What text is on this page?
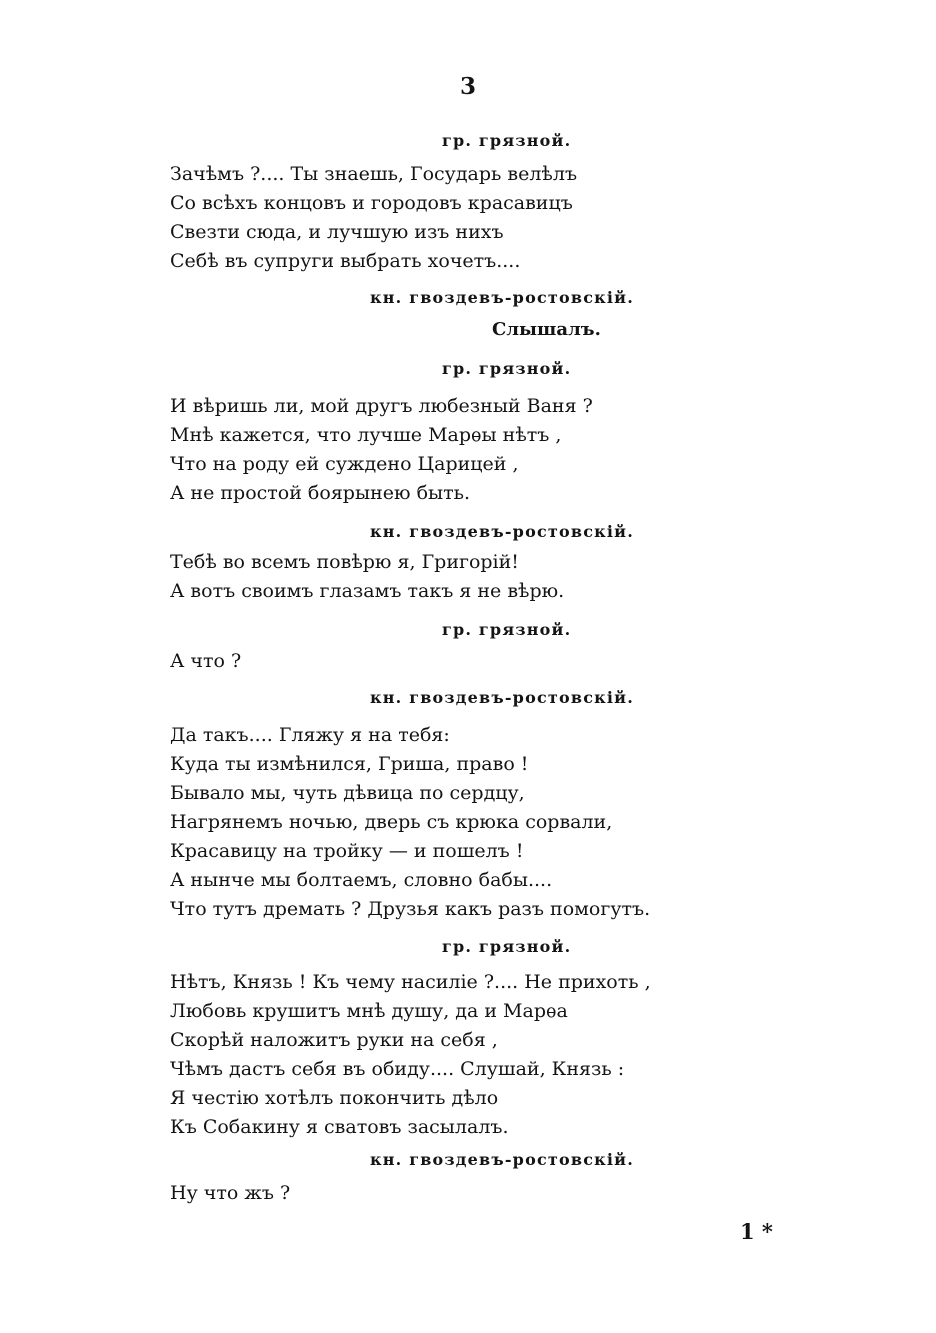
3
гр. грязной.
Зачѣмъ ?.... Ты знаешь, Государь велѣлъ
Со всѣхъ концовъ и городовъ красавицъ
Свезти сюда, и лучшую изъ нихъ
Себѣ въ супруги выбрать хочетъ....
кн. гвоздевъ-ростовскій.
Слышалъ.
гр. грязной.
И вѣришь ли, мой другъ любезный Ваня ?
Мнѣ кажется, что лучше Марѳы нѣтъ ,
Что на роду ей суждено Царицей ,
А не простой боярынею быть.
кн. гвоздевъ-ростовскій.
Тебѣ во всемъ повѣрю я, Григорій!
А вотъ своимъ глазамъ такъ я не вѣрю.
гр. грязной.
А что ?
кн. гвоздевъ-ростовскій.
Да такъ.... Гляжу я на тебя:
Куда ты измѣнился, Гриша, право !
Бывало мы, чуть дѣвица по сердцу,
Нагрянемъ ночью, дверь съ крюка сорвали,
Красавицу на тройку — и пошелъ !
А нынче мы болтаемъ, словно бабы....
Что тутъ дремать ? Друзья какъ разъ помогутъ.
гр. грязной.
Нѣтъ, Князь ! Къ чему насиліе ?.... Не прихоть ,
Любовь крушитъ мнѣ душу, да и Марѳа
Скорѣй наложитъ руки на себя ,
Чѣмъ дастъ себя въ обиду.... Слушай, Князь :
Я честію хотѣлъ покончить дѣло
Къ Собакину я сватовъ засылалъ.
кн. гвоздевъ-ростовскій.
Ну что жъ ?
1 *
